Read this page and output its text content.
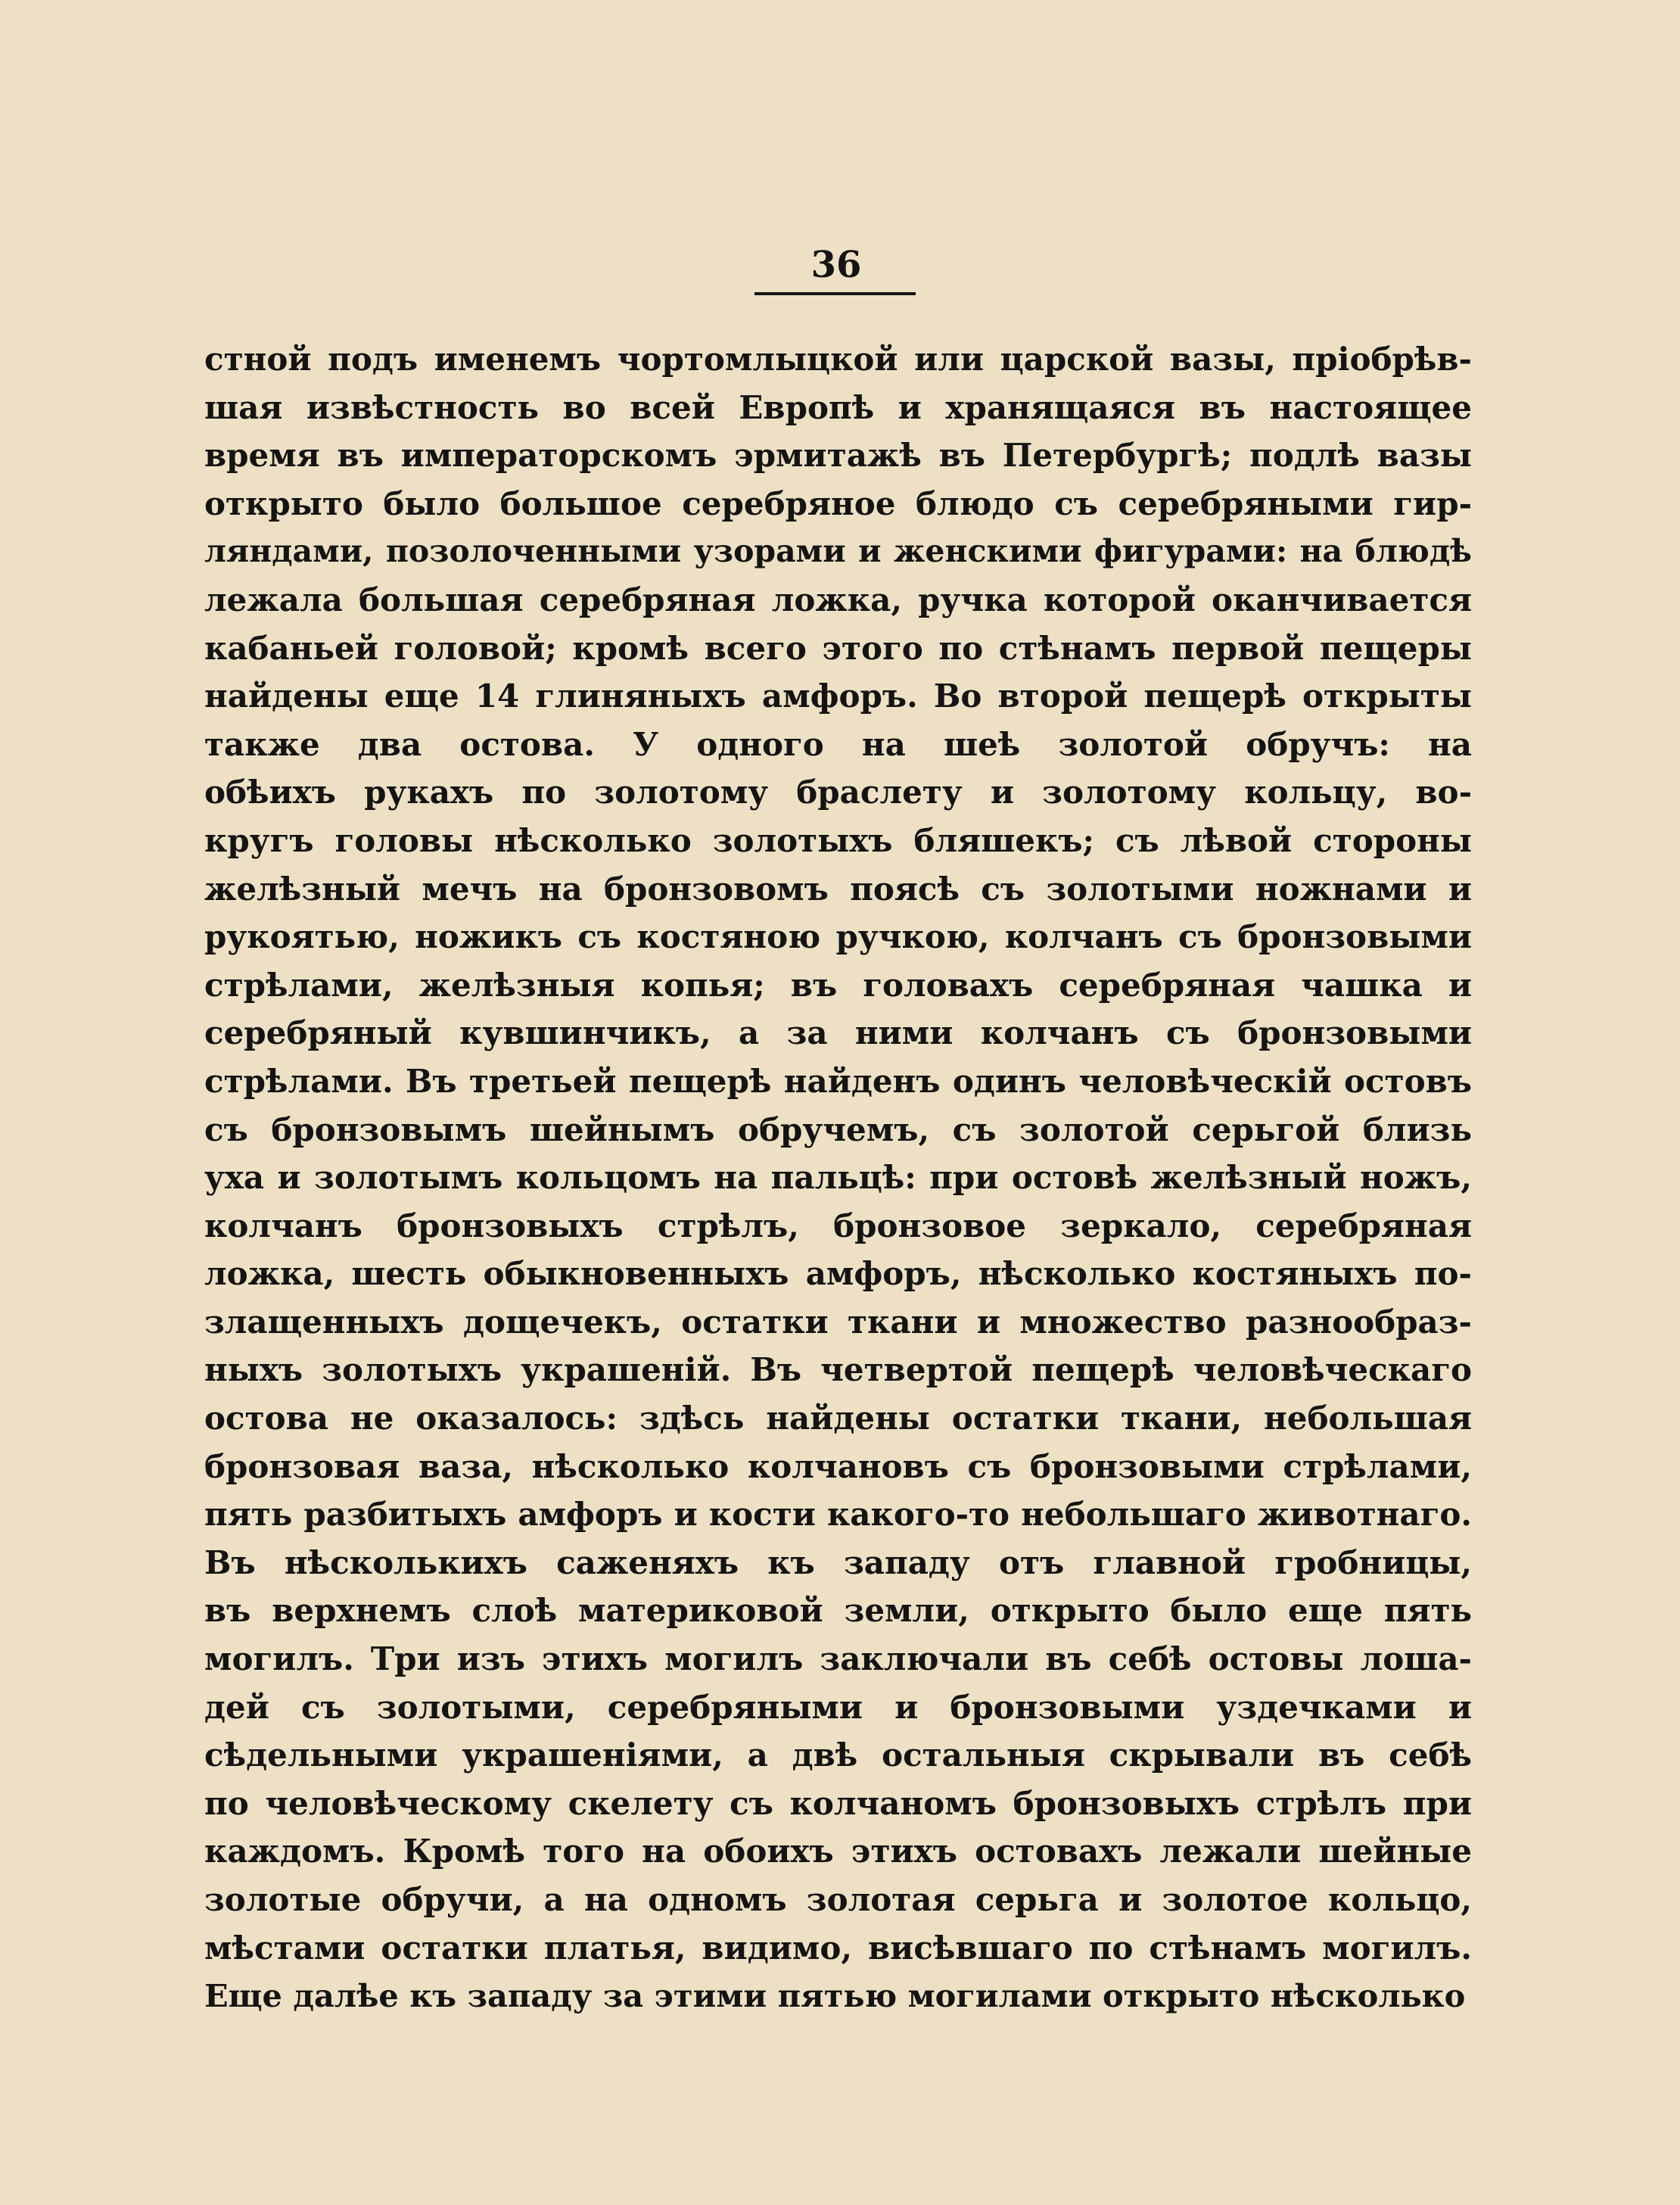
36
стной подъ именемъ чортомлыцкой или царской вазы, пріобрѣв-
шая извѣстность во всей Европѣ и хранящаяся въ настоящее
время въ императорскомъ эрмитажѣ въ Петербургѣ; подлѣ вазы
открыто было большое серебряное блюдо съ серебряными гир-
ляндами, позолоченными узорами и женскими фигурами: на блюдѣ
лежала большая серебряная ложка, ручка которой оканчивается
кабаньей головой; кромѣ всего этого по стѣнамъ первой пещеры
найдены еще 14 глиняныхъ амфоръ. Во второй пещерѣ открыты
также два остова. У одного на шеѣ золотой обручъ: на
обѣихъ рукахъ по золотому браслету и золотому кольцу, во-
кругъ головы нѣсколько золотыхъ бляшекъ; съ лѣвой стороны
желѣзный мечъ на бронзовомъ поясѣ съ золотыми ножнами и
рукоятью, ножикъ съ костяною ручкою, колчанъ съ бронзовыми
стрѣлами, желѣзныя копья; въ головахъ серебряная чашка и
серебряный кувшинчикъ, а за ними колчанъ съ бронзовыми
стрѣлами. Въ третьей пещерѣ найденъ одинъ человѣческій остовъ
съ бронзовымъ шейнымъ обручемъ, съ золотой серьгой близь
уха и золотымъ кольцомъ на пальцѣ: при остовѣ желѣзный ножъ,
колчанъ бронзовыхъ стрѣлъ, бронзовое зеркало, серебряная
ложка, шесть обыкновенныхъ амфоръ, нѣсколько костяныхъ по-
злащенныхъ дощечекъ, остатки ткани и множество разнообраз-
ныхъ золотыхъ украшеній. Въ четвертой пещерѣ человѣческаго
остова не оказалось: здѣсь найдены остатки ткани, небольшая
бронзовая ваза, нѣсколько колчановъ съ бронзовыми стрѣлами,
пять разбитыхъ амфоръ и кости какого-то небольшаго животнаго.
Въ нѣсколькихъ саженяхъ къ западу отъ главной гробницы,
въ верхнемъ слоѣ материковой земли, открыто было еще пять
могилъ. Три изъ этихъ могилъ заключали въ себѣ остовы лоша-
дей съ золотыми, серебряными и бронзовыми уздечками и
сѣдельными украшеніями, а двѣ остальныя скрывали въ себѣ
по человѣческому скелету съ колчаномъ бронзовыхъ стрѣлъ при
каждомъ. Кромѣ того на обоихъ этихъ остовахъ лежали шейные
золотые обручи, а на одномъ золотая серьга и золотое кольцо,
мѣстами остатки платья, видимо, висѣвшаго по стѣнамъ могилъ.
Еще далѣе къ западу за этими пятью могилами открыто нѣсколько
